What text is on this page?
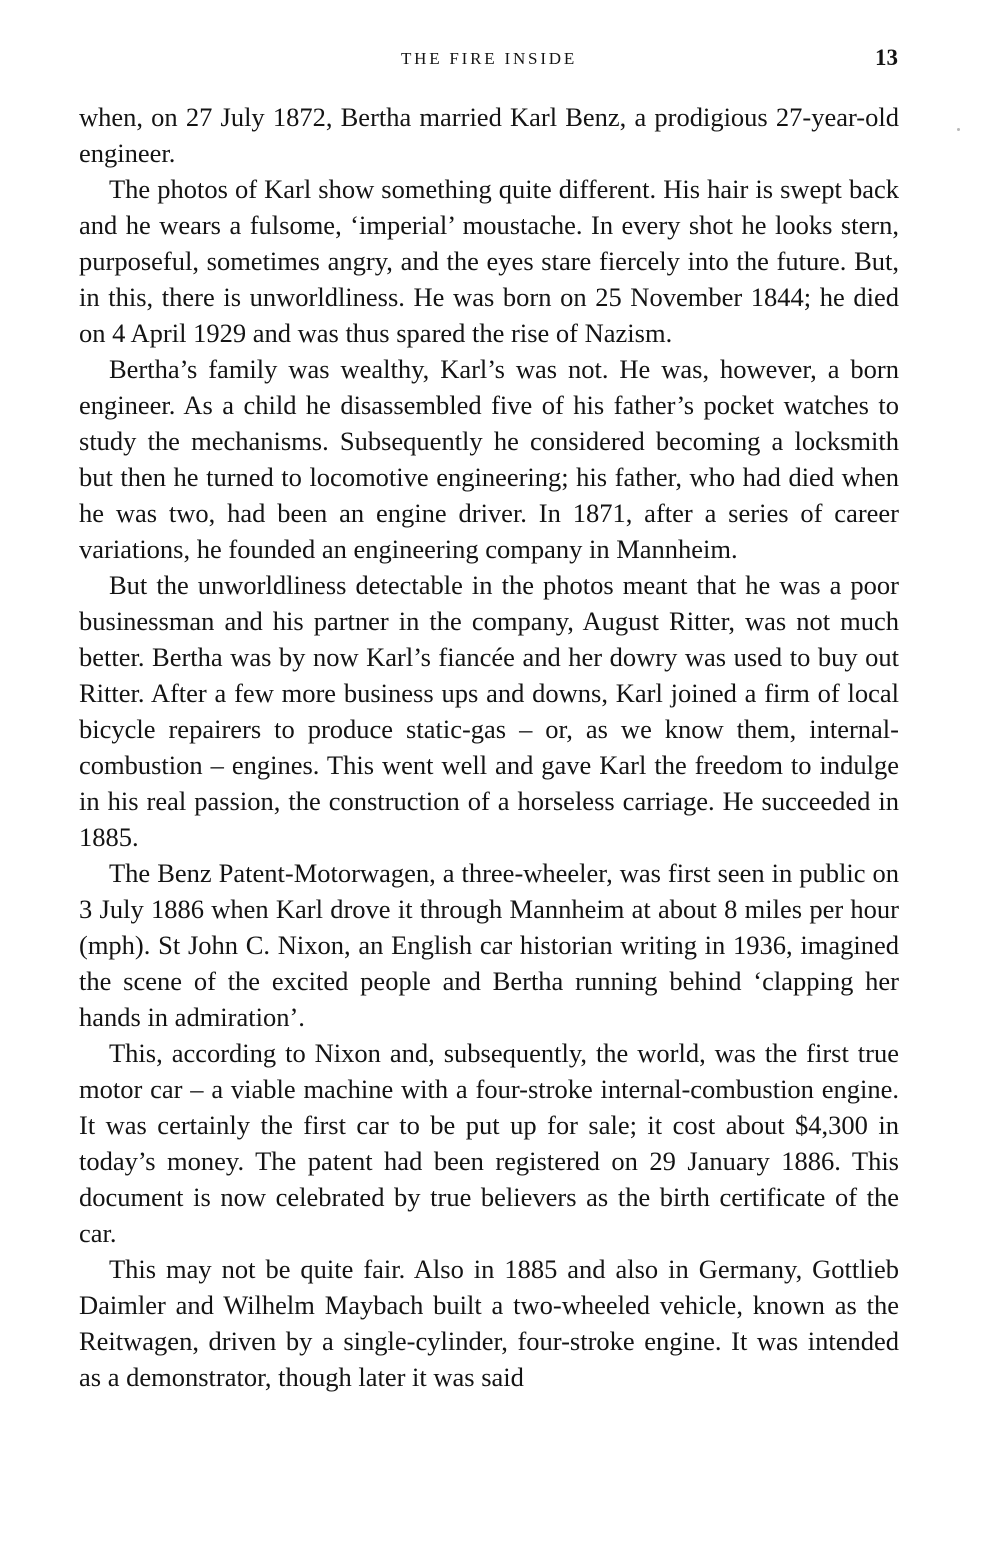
THE FIRE INSIDE	13

when, on 27 July 1872, Bertha married Karl Benz, a prodigious 27-year-old engineer.

The photos of Karl show something quite different. His hair is swept back and he wears a fulsome, ‘imperial’ moustache. In every shot he looks stern, purposeful, sometimes angry, and the eyes stare fiercely into the future. But, in this, there is unworldliness. He was born on 25 November 1844; he died on 4 April 1929 and was thus spared the rise of Nazism.

Bertha’s family was wealthy, Karl’s was not. He was, however, a born engineer. As a child he disassembled five of his father’s pocket watches to study the mechanisms. Subsequently he considered becoming a locksmith but then he turned to locomotive engineering; his father, who had died when he was two, had been an engine driver. In 1871, after a series of career variations, he founded an engineering company in Mannheim.

But the unworldliness detectable in the photos meant that he was a poor businessman and his partner in the company, August Ritter, was not much better. Bertha was by now Karl’s fiancée and her dowry was used to buy out Ritter. After a few more business ups and downs, Karl joined a firm of local bicycle repairers to produce static-gas – or, as we know them, internal-combustion – engines. This went well and gave Karl the freedom to indulge in his real passion, the construction of a horseless carriage. He succeeded in 1885.

The Benz Patent-Motorwagen, a three-wheeler, was first seen in public on 3 July 1886 when Karl drove it through Mannheim at about 8 miles per hour (mph). St John C. Nixon, an English car historian writing in 1936, imagined the scene of the excited people and Bertha running behind ‘clapping her hands in admiration’.

This, according to Nixon and, subsequently, the world, was the first true motor car – a viable machine with a four-stroke internal-combustion engine. It was certainly the first car to be put up for sale; it cost about $4,300 in today’s money. The patent had been registered on 29 January 1886. This document is now celebrated by true believers as the birth certificate of the car.

This may not be quite fair. Also in 1885 and also in Germany, Gottlieb Daimler and Wilhelm Maybach built a two-wheeled vehicle, known as the Reitwagen, driven by a single-cylinder, four-stroke engine. It was intended as a demonstrator, though later it was said
